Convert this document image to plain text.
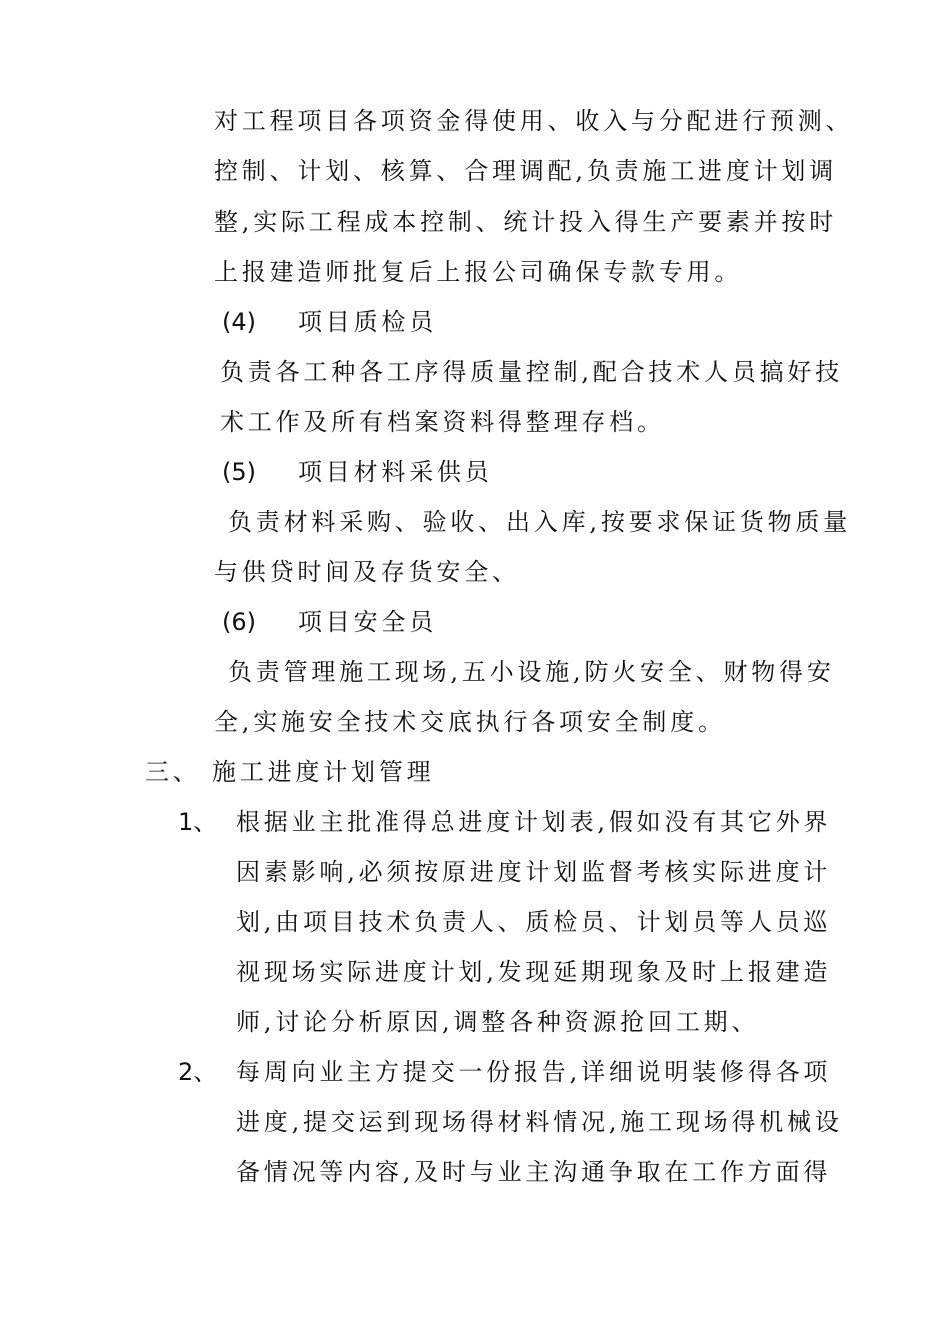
对工程项目各项资金得使用、收入与分配进行预测、
控制、计划、核算、合理调配,负责施工进度计划调
整,实际工程成本控制、统计投入得生产要素并按时
上报建造师批复后上报公司确保专款专用。
(4) 项目质检员
负责各工种各工序得质量控制,配合技术人员搞好技
术工作及所有档案资料得整理存档。
(5) 项目材料采供员
负责材料采购、验收、出入库,按要求保证货物质量
与供贷时间及存货安全、
(6) 项目安全员
负责管理施工现场,五小设施,防火安全、财物得安
全,实施安全技术交底执行各项安全制度。
三、 施工进度计划管理
1、 根据业主批准得总进度计划表,假如没有其它外界
因素影响,必须按原进度计划监督考核实际进度计
划,由项目技术负责人、质检员、计划员等人员巡
视现场实际进度计划,发现延期现象及时上报建造
师,讨论分析原因,调整各种资源抢回工期、
2、 每周向业主方提交一份报告,详细说明装修得各项
进度,提交运到现场得材料情况,施工现场得机械设
备情况等内容,及时与业主沟通争取在工作方面得
